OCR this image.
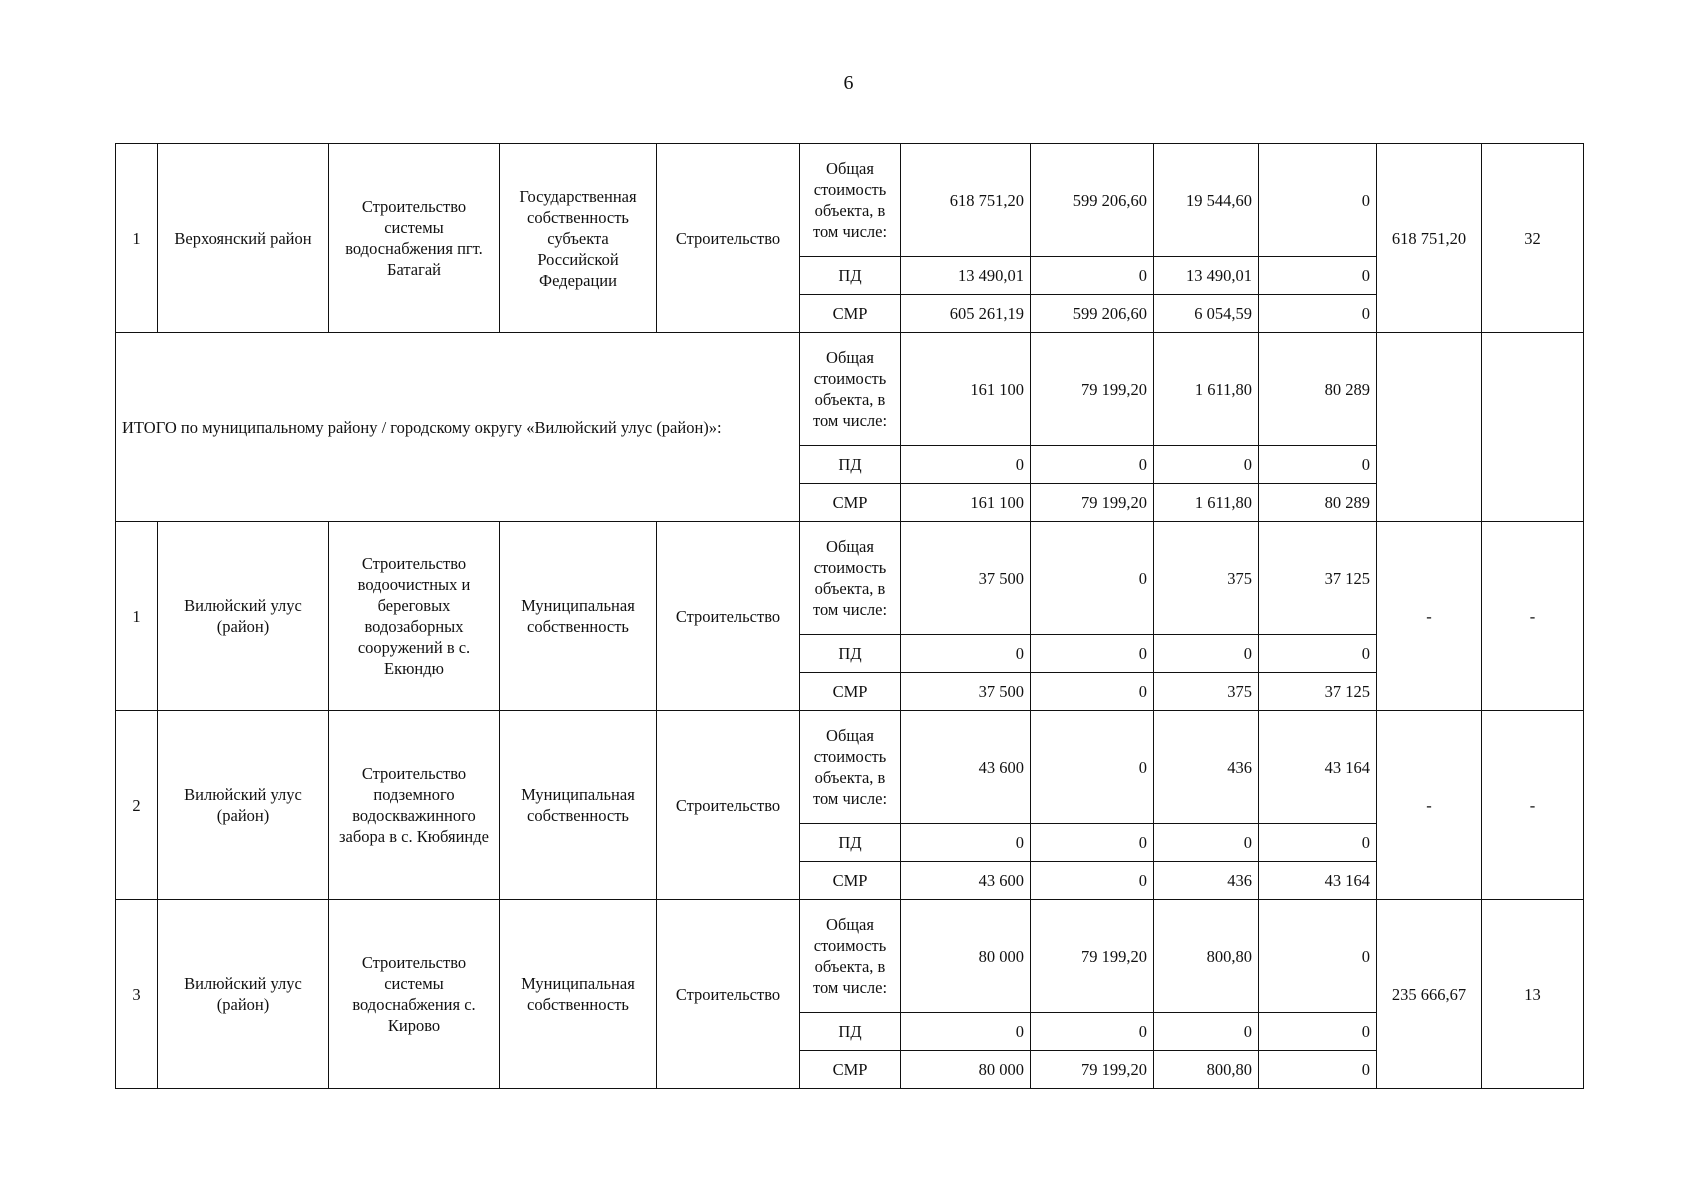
6
1	Верхоянский район	Строительство системы водоснабжения пгт. Батагай	Государственная собственность субъекта Российской Федерации	Строительство	Общая стоимость объекта, в том числе:	618 751,20	599 206,60	19 544,60	0	618 751,20	32
					ПД	13 490,01	0	13 490,01	0		
					СМР	605 261,19	599 206,60	6 054,59	0		
ИТОГО по муниципальному району / городскому округу «Вилюйский улус (район)»:					Общая стоимость объекта, в том числе:	161 100	79 199,20	1 611,80	80 289		
					ПД	0	0	0	0		
					СМР	161 100	79 199,20	1 611,80	80 289		
1	Вилюйский улус (район)	Строительство водоочистных и береговых водозаборных сооружений в с. Екюндю	Муниципальная собственность	Строительство	Общая стоимость объекта, в том числе:	37 500	0	375	37 125	-	-
					ПД	0	0	0	0		
					СМР	37 500	0	375	37 125		
2	Вилюйский улус (район)	Строительство подземного водоскважинного забора в с. Кюбяинде	Муниципальная собственность	Строительство	Общая стоимость объекта, в том числе:	43 600	0	436	43 164	-	-
					ПД	0	0	0	0		
					СМР	43 600	0	436	43 164		
3	Вилюйский улус (район)	Строительство системы водоснабжения с. Кирово	Муниципальная собственность	Строительство	Общая стоимость объекта, в том числе:	80 000	79 199,20	800,80	0	235 666,67	13
					ПД	0	0	0	0		
					СМР	80 000	79 199,20	800,80	0		
